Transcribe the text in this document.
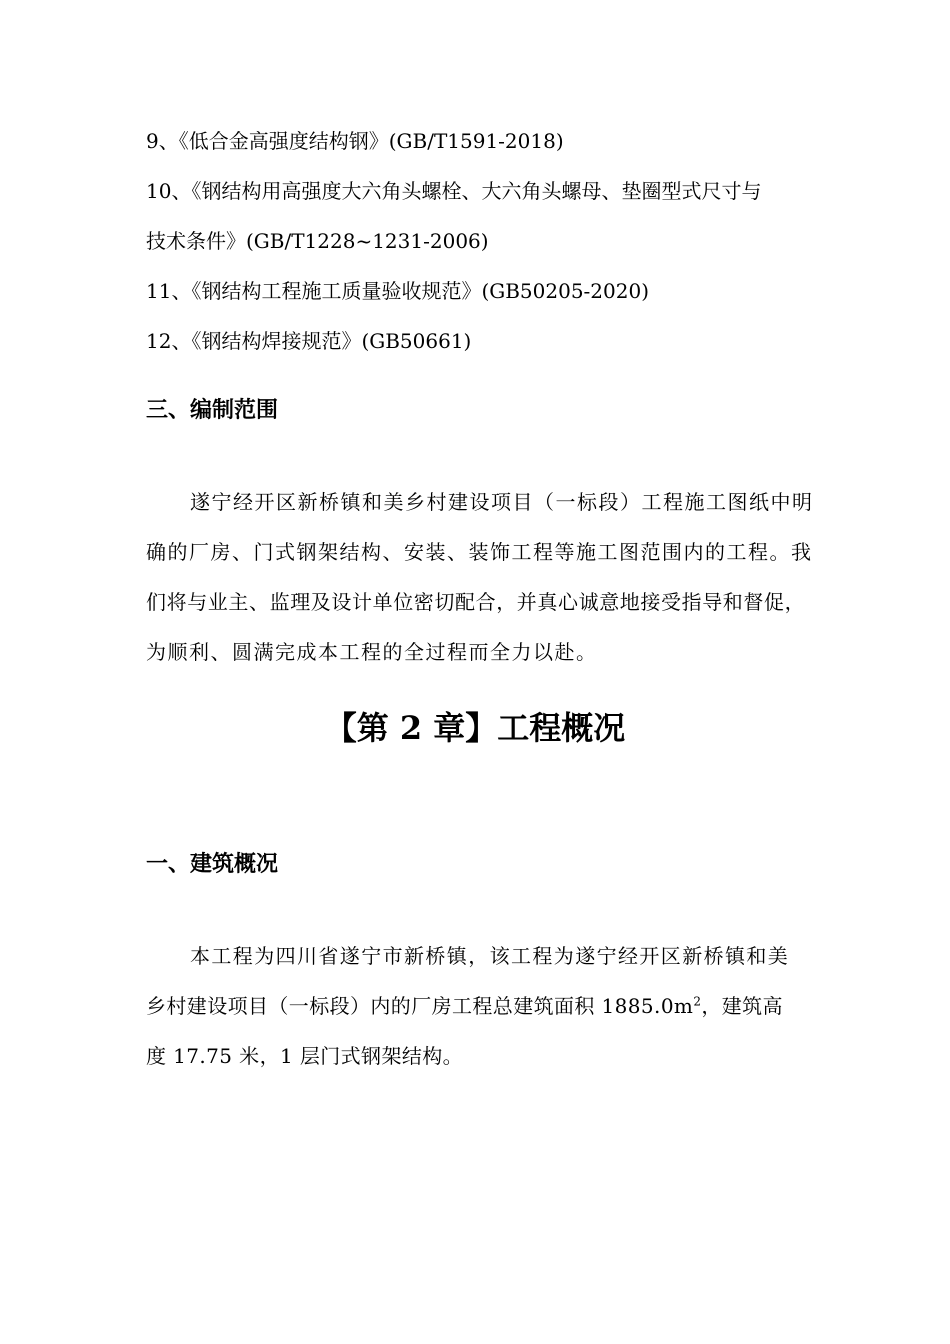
9、《低合金高强度结构钢》(GB/T1591-2018)
10、《钢结构用高强度大六角头螺栓、大六角头螺母、垫圈型式尺寸与
技术条件》(GB/T1228~1231-2006)
11、《钢结构工程施工质量验收规范》(GB50205-2020)
12、《钢结构焊接规范》(GB50661)
三、编制范围
遂宁经开区新桥镇和美乡村建设项目（一标段）工程施工图纸中明
确的厂房、门式钢架结构、安装、装饰工程等施工图范围内的工程。我
们将与业主、监理及设计单位密切配合，并真心诚意地接受指导和督促，
为顺利、圆满完成本工程的全过程而全力以赴。
【第 2 章】工程概况
一、建筑概况
本工程为四川省遂宁市新桥镇，该工程为遂宁经开区新桥镇和美
乡村建设项目（一标段）内的厂房工程总建筑面积 $1885.0m^2$，建筑高
度 17.75 米，1 层门式钢架结构。
